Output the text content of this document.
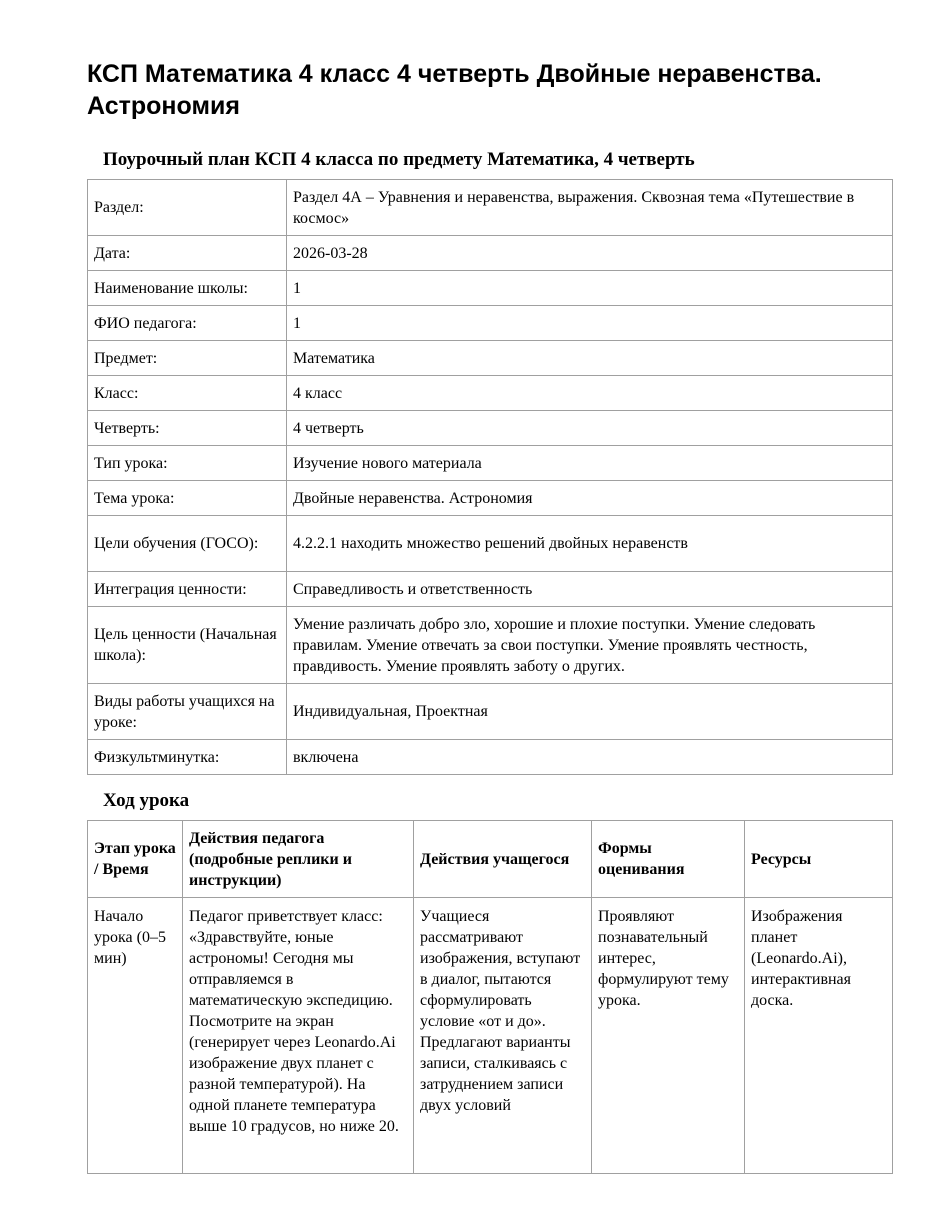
КСП Математика 4 класс 4 четверть Двойные неравенства. Астрономия
Поурочный план КСП 4 класса по предмету Математика, 4 четверть
Раздел:	Раздел 4А – Уравнения и неравенства, выражения. Сквозная тема «Путешествие в космос»
Дата:	2026-03-28
Наименование школы:	1
ФИО педагога:	1
Предмет:	Математика
Класс:	4 класс
Четверть:	4 четверть
Тип урока:	Изучение нового материала
Тема урока:	Двойные неравенства. Астрономия
Цели обучения (ГОСО):	4.2.2.1 находить множество решений двойных неравенств
Интеграция ценности:	Справедливость и ответственность
Цель ценности (Начальная школа):	Умение различать добро зло, хорошие и плохие поступки. Умение следовать правилам. Умение отвечать за свои поступки. Умение проявлять честность, правдивость. Умение проявлять заботу о других.
Виды работы учащихся на уроке:	Индивидуальная, Проектная
Физкультминутка:	включена
Ход урока
Этап урока / Время	Действия педагога (подробные реплики и инструкции)	Действия учащегося	Формы оценивания	Ресурсы

Начало урока (0–5 мин)	Педагог приветствует класс: «Здравствуйте, юные астрономы! Сегодня мы отправляемся в математическую экспедицию. Посмотрите на экран (генерирует через Leonardo.Ai изображение двух планет с разной температурой). На одной планете температура выше 10 градусов, но ниже 20.	Учащиеся рассматривают изображения, вступают в диалог, пытаются сформулировать условие «от и до». Предлагают варианты записи, сталкиваясь с затруднением записи двух условий	Проявляют познавательный интерес, формулируют тему урока.	Изображения планет (Leonardo.Ai), интерактивная доска.
